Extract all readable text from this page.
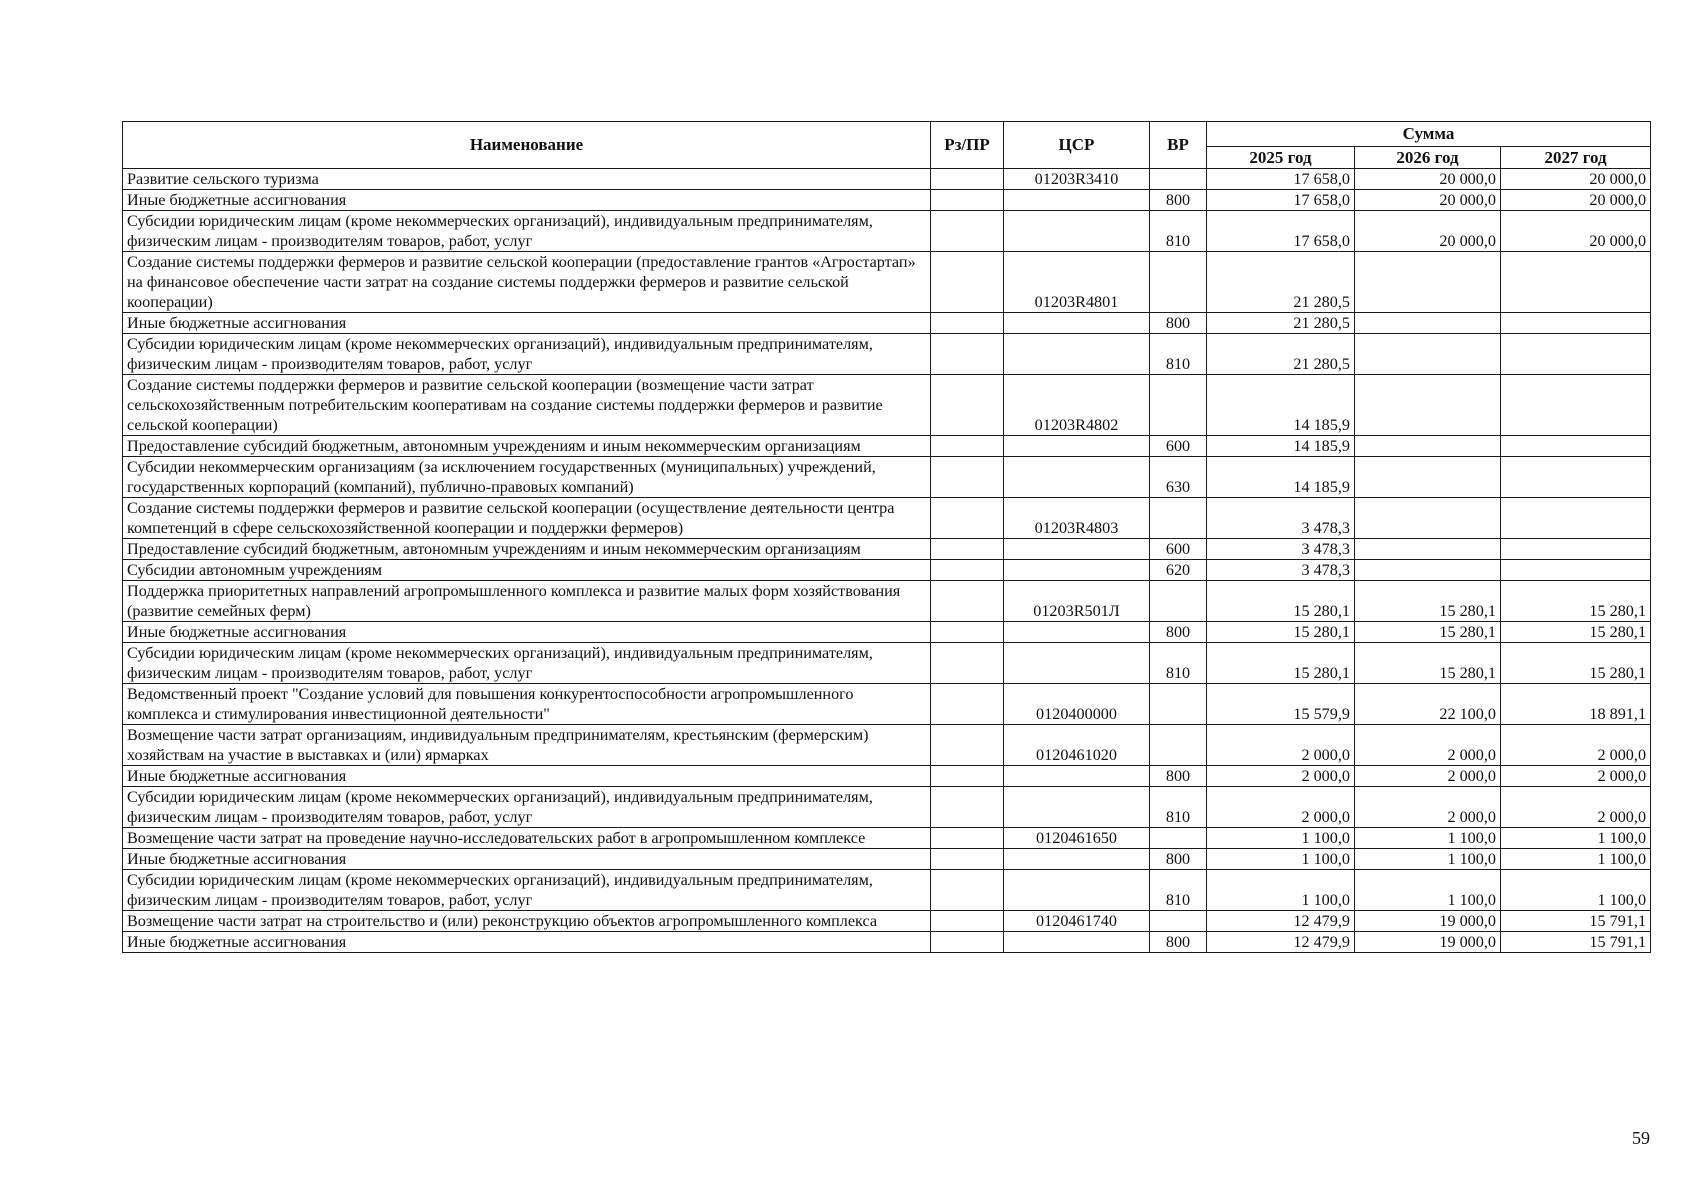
Наименование	Рз/ПР	ЦСР	ВР	Сумма		
				2025 год	2026 год	2027 год
Развитие сельского туризма		01203R3410		17 658,0	20 000,0	20 000,0
Иные бюджетные ассигнования			800	17 658,0	20 000,0	20 000,0
Субсидии юридическим лицам (кроме некоммерческих организаций), индивидуальным предпринимателям, физическим лицам - производителям товаров, работ, услуг			810	17 658,0	20 000,0	20 000,0
Создание системы поддержки фермеров и развитие сельской кооперации (предоставление грантов «Агростартап» на финансовое обеспечение части затрат на создание системы поддержки фермеров и развитие сельской кооперации)		01203R4801		21 280,5		
Иные бюджетные ассигнования			800	21 280,5		
Субсидии юридическим лицам (кроме некоммерческих организаций), индивидуальным предпринимателям, физическим лицам - производителям товаров, работ, услуг			810	21 280,5		
Создание системы поддержки фермеров и развитие сельской кооперации (возмещение части затрат сельскохозяйственным потребительским кооперативам на создание системы поддержки фермеров и развитие сельской кооперации)		01203R4802		14 185,9		
Предоставление субсидий бюджетным, автономным учреждениям и иным некоммерческим организациям			600	14 185,9		
Субсидии некоммерческим организациям (за исключением государственных (муниципальных) учреждений, государственных корпораций (компаний), публично-правовых компаний)			630	14 185,9		
Создание системы поддержки фермеров и развитие сельской кооперации (осуществление деятельности центра компетенций в сфере сельскохозяйственной кооперации и поддержки фермеров)		01203R4803		3 478,3		
Предоставление субсидий бюджетным, автономным учреждениям и иным некоммерческим организациям			600	3 478,3		
Субсидии автономным учреждениям			620	3 478,3		
Поддержка приоритетных направлений агропромышленного комплекса и развитие малых форм хозяйствования (развитие семейных ферм)		01203R501Л		15 280,1	15 280,1	15 280,1
Иные бюджетные ассигнования			800	15 280,1	15 280,1	15 280,1
Субсидии юридическим лицам (кроме некоммерческих организаций), индивидуальным предпринимателям, физическим лицам - производителям товаров, работ, услуг			810	15 280,1	15 280,1	15 280,1
Ведомственный проект "Создание условий для повышения конкурентоспособности агропромышленного комплекса и стимулирования инвестиционной деятельности"		0120400000		15 579,9	22 100,0	18 891,1
Возмещение части затрат организациям, индивидуальным предпринимателям, крестьянским (фермерским) хозяйствам на участие в выставках и (или) ярмарках		0120461020		2 000,0	2 000,0	2 000,0
Иные бюджетные ассигнования			800	2 000,0	2 000,0	2 000,0
Субсидии юридическим лицам (кроме некоммерческих организаций), индивидуальным предпринимателям, физическим лицам - производителям товаров, работ, услуг			810	2 000,0	2 000,0	2 000,0
Возмещение части затрат на проведение научно-исследовательских работ в агропромышленном комплексе		0120461650		1 100,0	1 100,0	1 100,0
Иные бюджетные ассигнования			800	1 100,0	1 100,0	1 100,0
Субсидии юридическим лицам (кроме некоммерческих организаций), индивидуальным предпринимателям, физическим лицам - производителям товаров, работ, услуг			810	1 100,0	1 100,0	1 100,0
Возмещение части затрат на строительство и (или) реконструкцию объектов агропромышленного комплекса		0120461740		12 479,9	19 000,0	15 791,1
Иные бюджетные ассигнования			800	12 479,9	19 000,0	15 791,1
59
